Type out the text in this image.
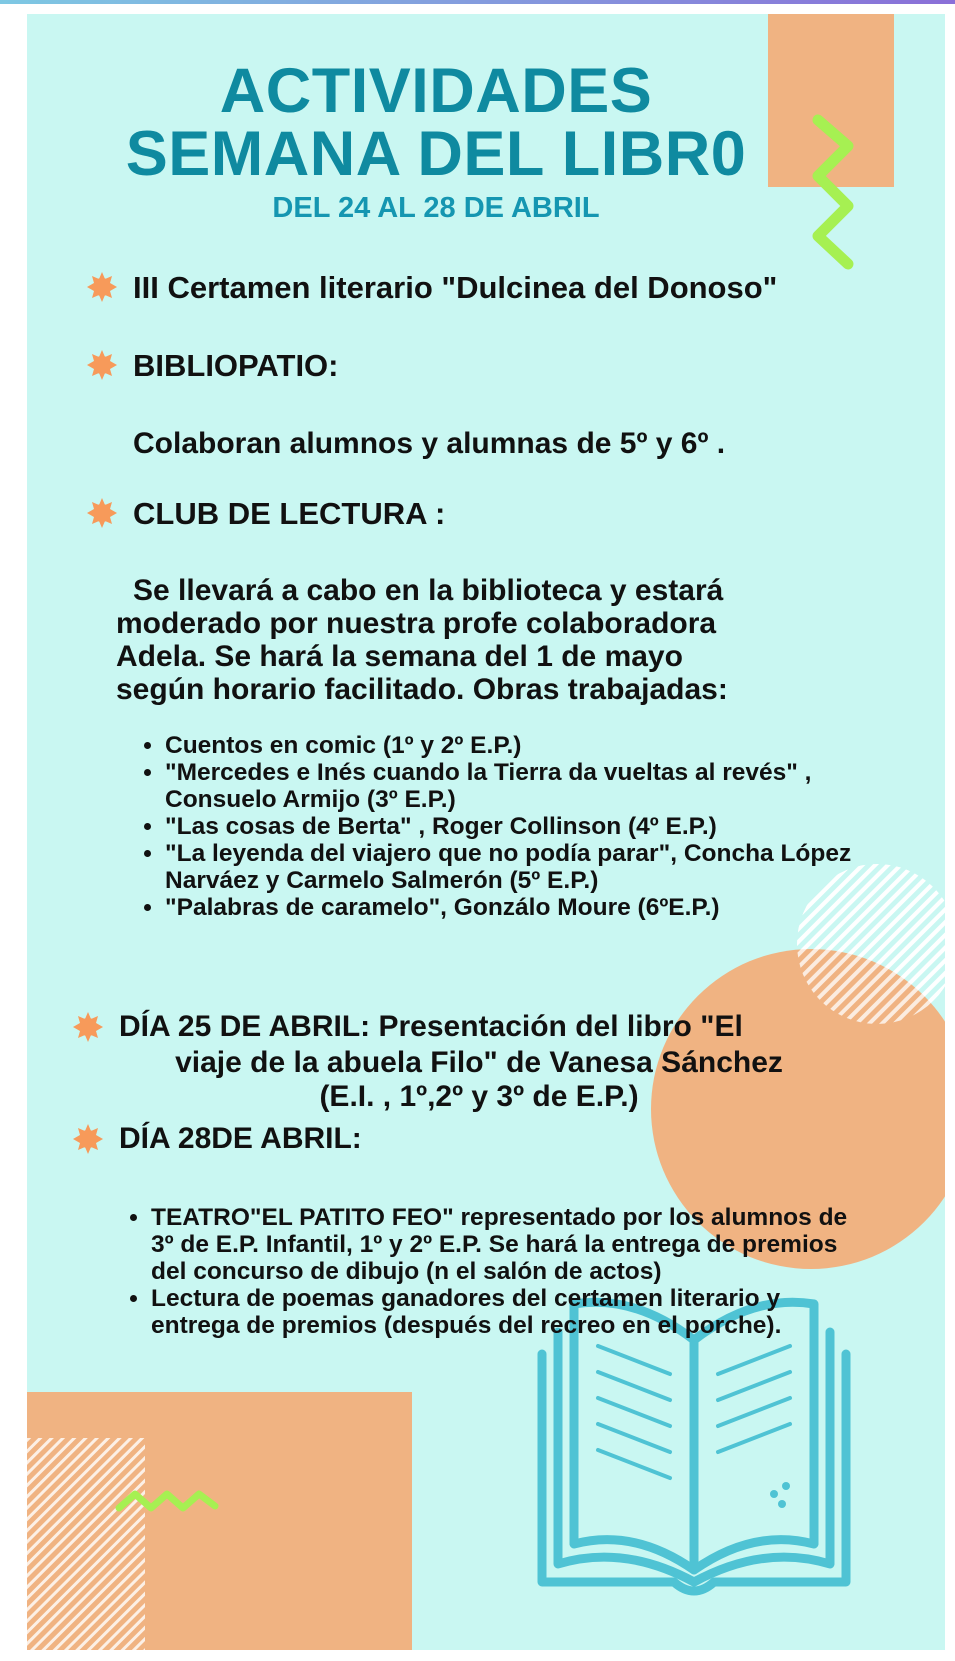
ACTIVIDADES
SEMANA DEL LIBR0
DEL 24 AL 28 DE ABRIL
III Certamen literario "Dulcinea del Donoso"
BIBLIOPATIO:
Colaboran alumnos y alumnas de 5º y 6º .
CLUB DE LECTURA :
Se llevará a cabo en la biblioteca y estará
moderado por nuestra profe colaboradora
Adela. Se hará la semana del 1 de mayo
según horario facilitado. Obras trabajadas:
• Cuentos en comic (1º y 2º E.P.)
• "Mercedes e Inés cuando la Tierra da vueltas al revés" , Consuelo Armijo (3º E.P.)
• "Las cosas de Berta" , Roger Collinson (4º E.P.)
• "La leyenda del viajero que no podía parar", Concha López Narváez y Carmelo Salmerón (5º E.P.)
• "Palabras de caramelo", Gonzálo Moure (6ºE.P.)
DÍA 25 DE ABRIL: Presentación del libro "El
viaje de la abuela Filo" de Vanesa Sánchez
(E.I. , 1º,2º y 3º de E.P.)
DÍA 28DE ABRIL:
• TEATRO"EL PATITO FEO" representado por los alumnos de 3º de E.P. Infantil, 1º y 2º E.P. Se hará la entrega de premios del concurso de dibujo (n el salón de actos)
• Lectura de poemas ganadores del certamen literario y entrega de premios (después del recreo en el porche).
